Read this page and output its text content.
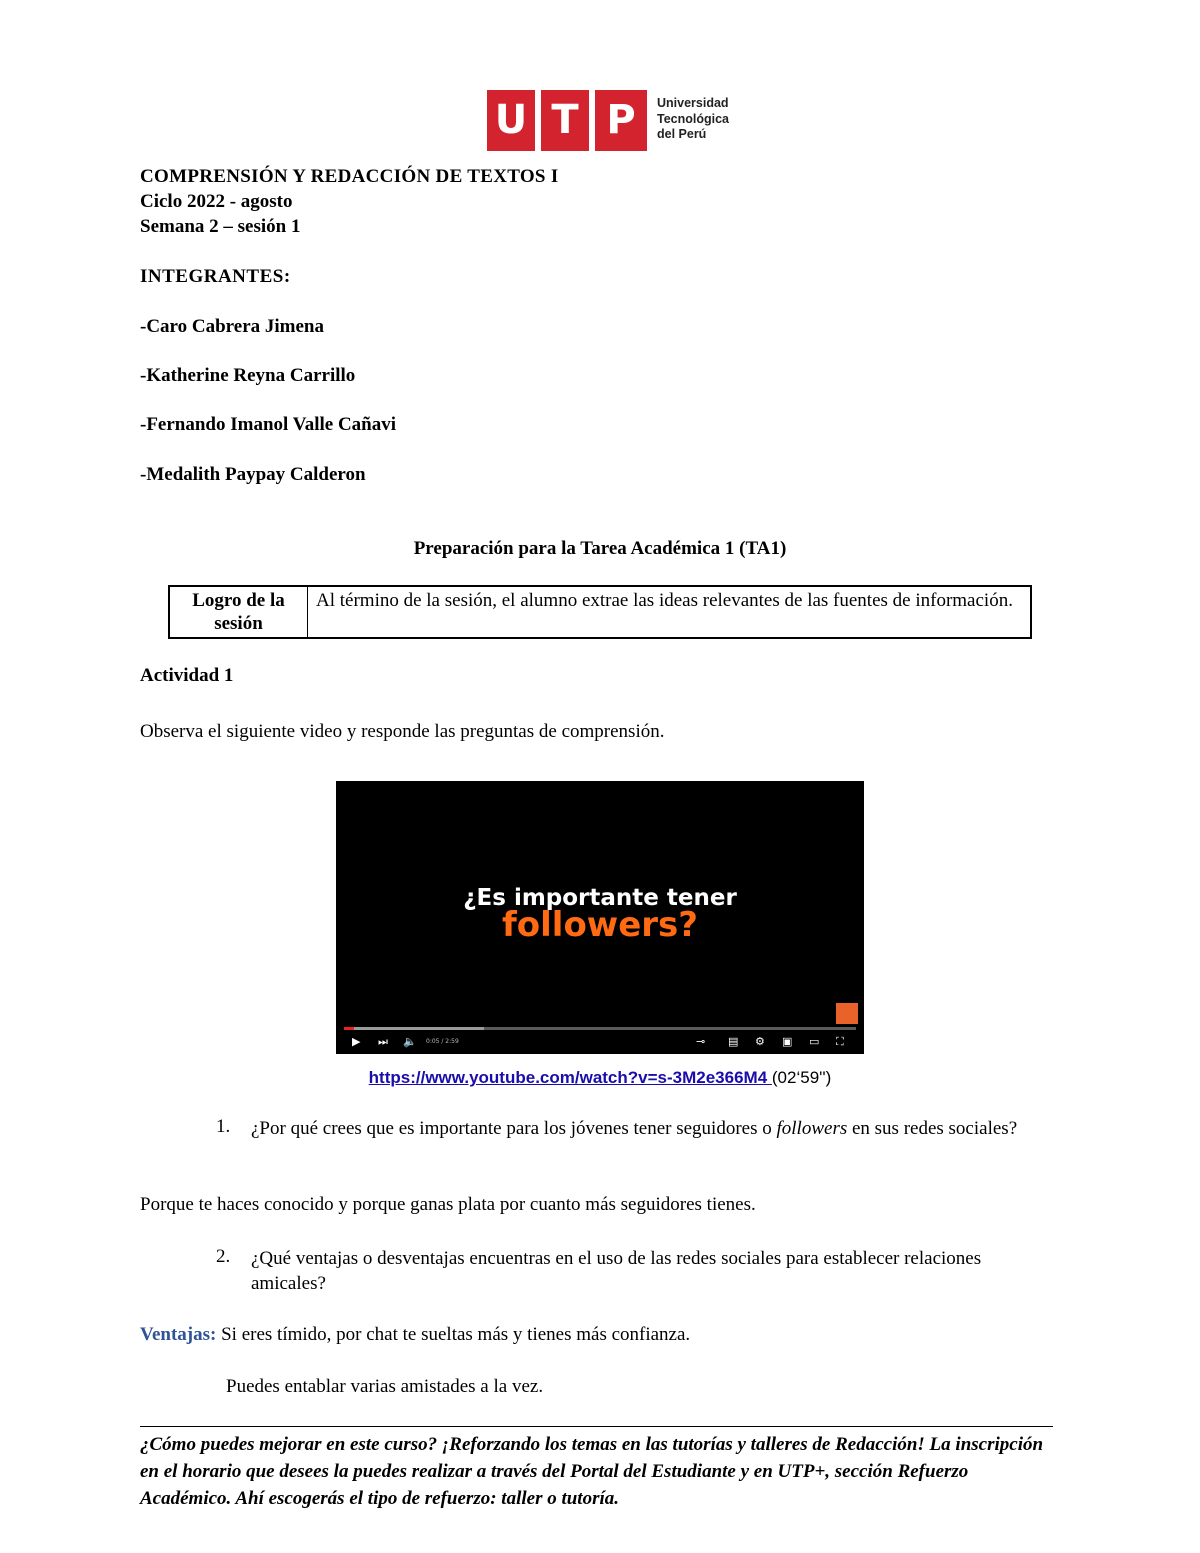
U T P	Universidad
Tecnológica
del Perú
COMPRENSIÓN Y REDACCIÓN DE TEXTOS I
Ciclo 2022 - agosto
Semana 2 – sesión 1
INTEGRANTES:
-Caro Cabrera Jimena
-Katherine Reyna Carrillo
-Fernando Imanol Valle Cañavi
-Medalith Paypay Calderon
Preparación para la Tarea Académica 1 (TA1)
Logro de la sesión	Al término de la sesión, el alumno extrae las ideas relevantes de las fuentes de información.
Actividad 1
Observa el siguiente video y responde las preguntas de comprensión.
¿Es importante tener
followers?
▶ ⏭ 🔈 0:05 / 2:59	⊸ ▤ ⚙ ▣ ▭ ⛶
https://www.youtube.com/watch?v=s-3M2e366M4 (02‘59'')
1. ¿Por qué crees que es importante para los jóvenes tener seguidores o followers en sus redes sociales?
Porque te haces conocido y porque ganas plata por cuanto más seguidores tienes.
2. ¿Qué ventajas o desventajas encuentras en el uso de las redes sociales para establecer relaciones amicales?
Ventajas: Si eres tímido, por chat te sueltas más y tienes más confianza.
Puedes entablar varias amistades a la vez.
¿Cómo puedes mejorar en este curso? ¡Reforzando los temas en las tutorías y talleres de Redacción! La inscripción en el horario que desees la puedes realizar a través del Portal del Estudiante y en UTP+, sección Refuerzo Académico. Ahí escogerás el tipo de refuerzo: taller o tutoría.
